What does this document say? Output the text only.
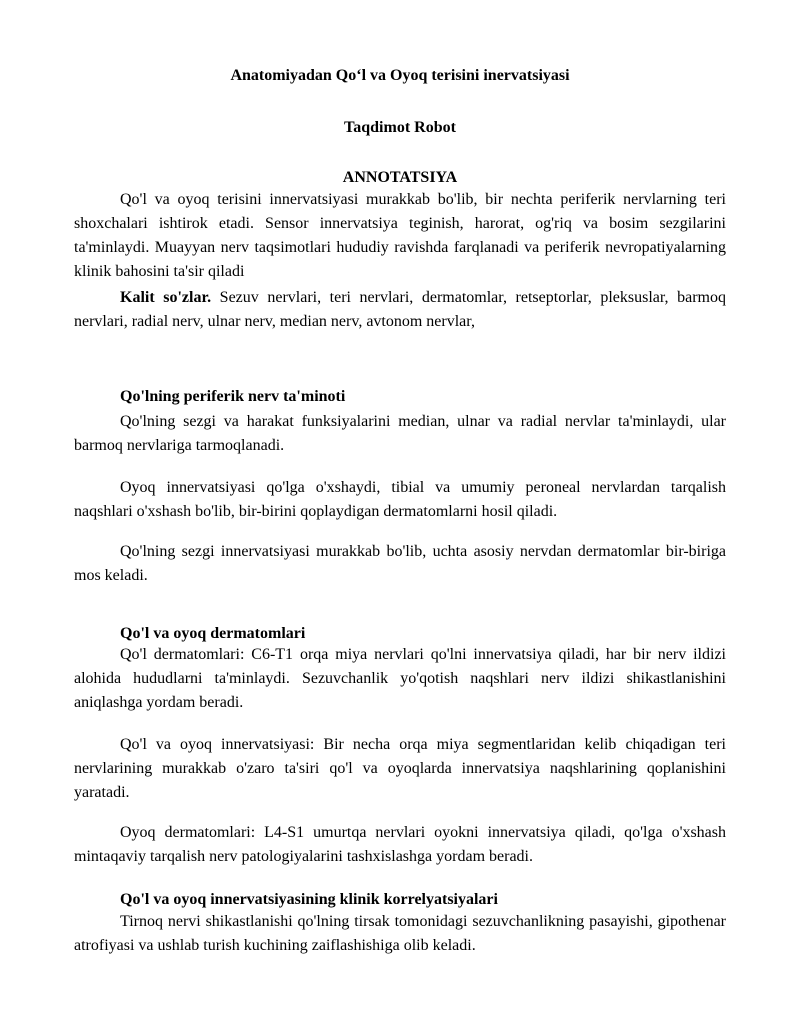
Anatomiyadan Qo‘l va Oyoq terisini inervatsiyasi

Taqdimot Robot

ANNOTATSIYA

Qo'l va oyoq terisini innervatsiyasi murakkab bo'lib, bir nechta periferik nervlarning teri shoxchalari ishtirok etadi. Sensor innervatsiya teginish, harorat, og'riq va bosim sezgilarini ta'minlaydi. Muayyan nerv taqsimotlari hududiy ravishda farqlanadi va periferik nevropatiyalarning klinik bahosini ta'sir qiladi

Kalit so'zlar. Sezuv nervlari, teri nervlari, dermatomlar, retseptorlar, pleksuslar, barmoq nervlari, radial nerv, ulnar nerv, median nerv, avtonom nervlar,

Qo'lning periferik nerv ta'minoti

Qo'lning sezgi va harakat funksiyalarini median, ulnar va radial nervlar ta'minlaydi, ular barmoq nervlariga tarmoqlanadi.

Oyoq innervatsiyasi qo'lga o'xshaydi, tibial va umumiy peroneal nervlardan tarqalish naqshlari o'xshash bo'lib, bir-birini qoplaydigan dermatomlarni hosil qiladi.

Qo'lning sezgi innervatsiyasi murakkab bo'lib, uchta asosiy nervdan dermatomlar bir-biriga mos keladi.

Qo'l va oyoq dermatomlari

Qo'l dermatomlari: C6-T1 orqa miya nervlari qo'lni innervatsiya qiladi, har bir nerv ildizi alohida hududlarni ta'minlaydi. Sezuvchanlik yo'qotish naqshlari nerv ildizi shikastlanishini aniqlashga yordam beradi.

Qo'l va oyoq innervatsiyasi: Bir necha orqa miya segmentlaridan kelib chiqadigan teri nervlarining murakkab o'zaro ta'siri qo'l va oyoqlarda innervatsiya naqshlarining qoplanishini yaratadi.

Oyoq dermatomlari: L4-S1 umurtqa nervlari oyokni innervatsiya qiladi, qo'lga o'xshash mintaqaviy tarqalish nerv patologiyalarini tashxislashga yordam beradi.

Qo'l va oyoq innervatsiyasining klinik korrelyatsiyalari

Tirnoq nervi shikastlanishi qo'lning tirsak tomonidagi sezuvchanlikning pasayishi, gipothenar atrofiyasi va ushlab turish kuchining zaiflashishiga olib keladi.
